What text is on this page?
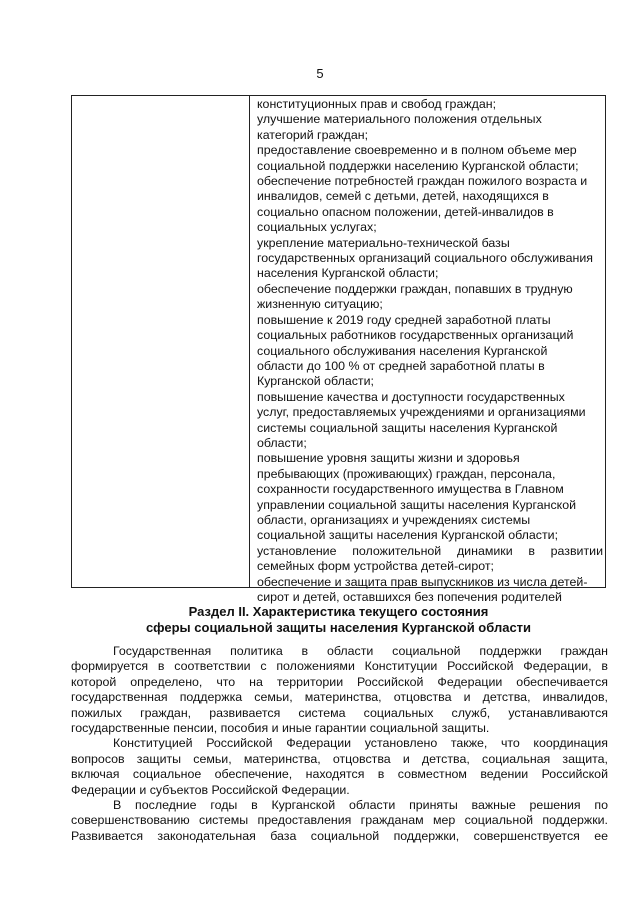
5
конституционных прав и свобод граждан;
улучшение материального положения отдельных
категорий граждан;
предоставление своевременно и в полном объеме мер
социальной поддержки населению Курганской области;
обеспечение потребностей граждан пожилого возраста и
инвалидов, семей с детьми, детей, находящихся в
социально опасном положении, детей-инвалидов в
социальных услугах;
укрепление материально-технической базы
государственных организаций социального обслуживания
населения Курганской области;
обеспечение поддержки граждан, попавших в трудную
жизненную ситуацию;
повышение к 2019 году средней заработной платы
социальных работников государственных организаций
социального обслуживания населения Курганской
области до 100 % от средней заработной платы в
Курганской области;
повышение качества и доступности государственных
услуг, предоставляемых учреждениями и организациями
системы социальной защиты населения Курганской
области;
повышение уровня защиты жизни и здоровья
пребывающих (проживающих) граждан, персонала,
сохранности государственного имущества в Главном
управлении социальной защиты населения Курганской
области, организациях и учреждениях системы
социальной защиты населения Курганской области;
установление положительной динамики в развитии
семейных форм устройства детей-сирот;
обеспечение и защита прав выпускников из числа детей-
сирот и детей, оставшихся без попечения родителей
Раздел II. Характеристика текущего состояния
сферы социальной защиты населения Курганской области
Государственная политика в области социальной поддержки граждан
формируется в соответствии с положениями Конституции Российской Федерации, в
которой определено, что на территории Российской Федерации обеспечивается
государственная поддержка семьи, материнства, отцовства и детства, инвалидов,
пожилых граждан, развивается система социальных служб, устанавливаются
государственные пенсии, пособия и иные гарантии социальной защиты.
Конституцией Российской Федерации установлено также, что координация
вопросов защиты семьи, материнства, отцовства и детства, социальная защита,
включая социальное обеспечение, находятся в совместном ведении Российской
Федерации и субъектов Российской Федерации.
В последние годы в Курганской области приняты важные решения по
совершенствованию системы предоставления гражданам мер социальной поддержки.
Развивается законодательная база социальной поддержки, совершенствуется ее
